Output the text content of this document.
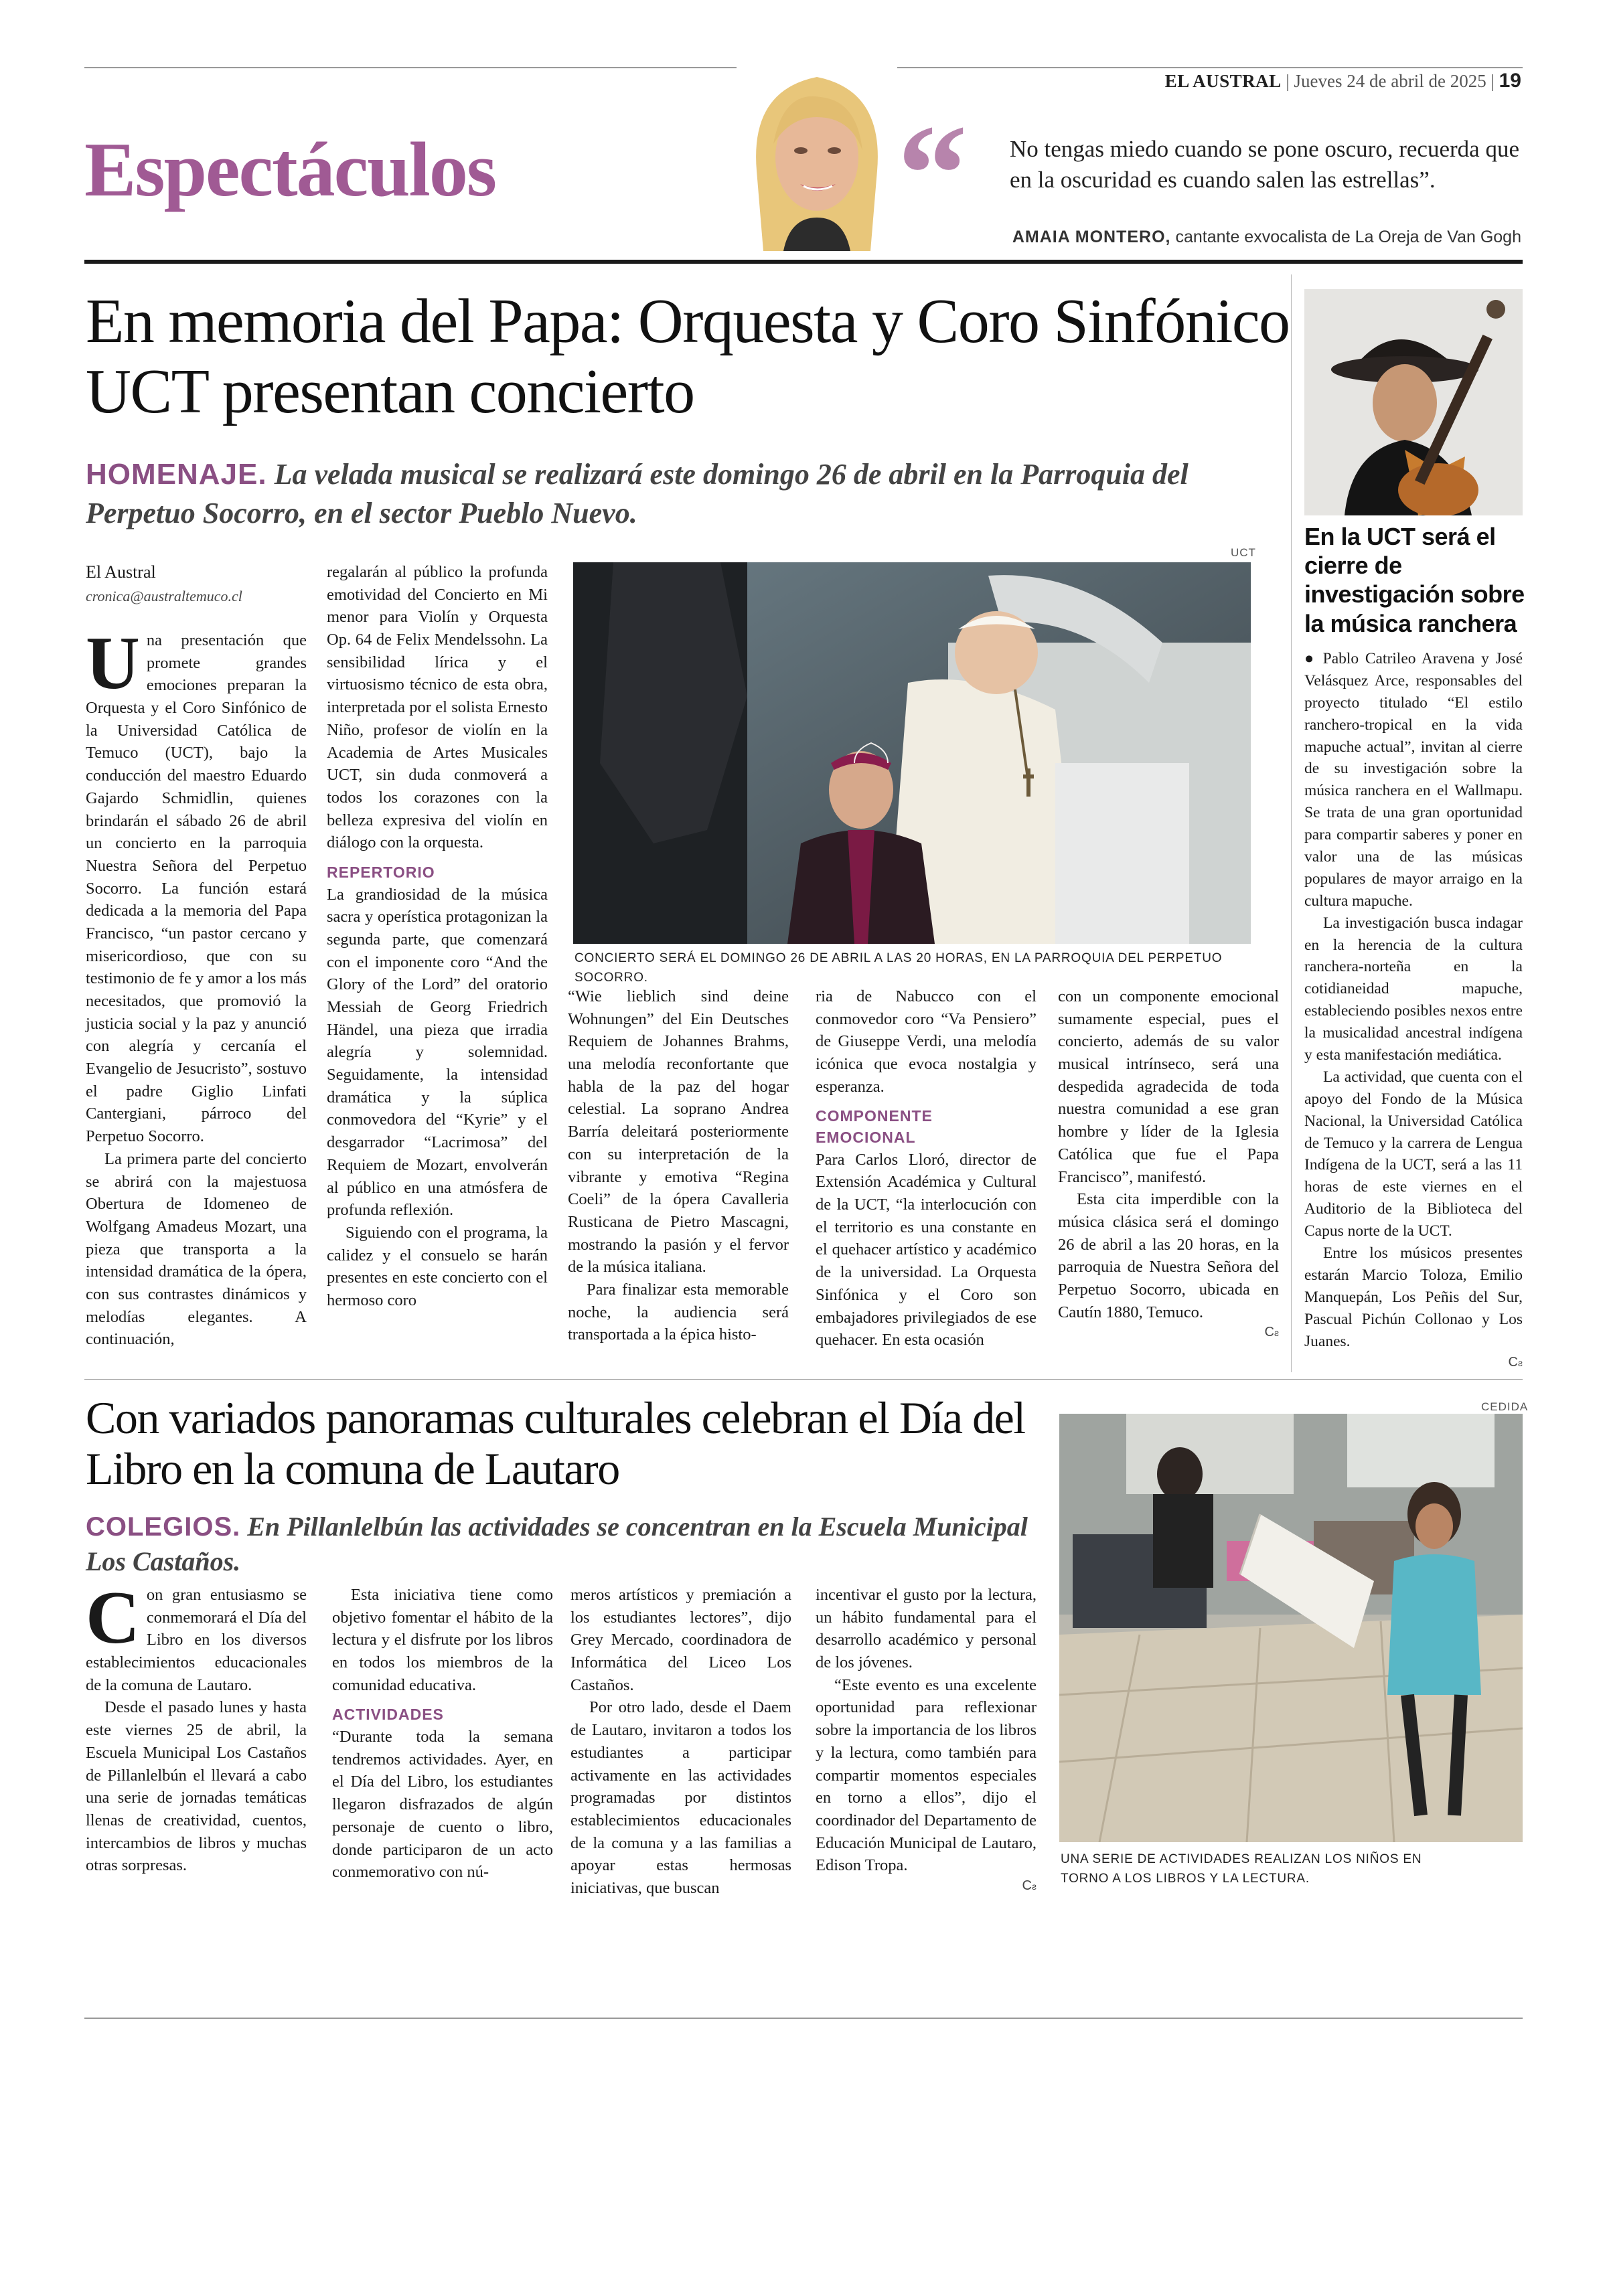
EL AUSTRAL | Jueves 24 de abril de 2025 | 19
Espectáculos	“ No tengas miedo cuando se pone oscuro, recuerda que en la oscuridad es cuando salen las estrellas”.
AMAIA MONTERO, cantante exvocalista de La Oreja de Van Gogh
En memoria del Papa: Orquesta y Coro Sinfónico UCT presentan concierto
HOMENAJE. La velada musical se realizará este domingo 26 de abril en la Parroquia del Perpetuo Socorro, en el sector Pueblo Nuevo.
El Austral
cronica@australtemuco.cl

Una presentación que promete grandes emociones preparan la Orquesta y el Coro Sinfónico de la Universidad Católica de Temuco (UCT), bajo la conducción del maestro Eduardo Gajardo Schmidlin, quienes brindarán el sábado 26 de abril un concierto en la parroquia Nuestra Señora del Perpetuo Socorro. La función estará dedicada a la memoria del Papa Francisco, “un pastor cercano y misericordioso, que con su testimonio de fe y amor a los más necesitados, que promovió la justicia social y la paz y anunció con alegría y cercanía el Evangelio de Jesucristo”, sostuvo el padre Giglio Linfati Cantergiani, párroco del Perpetuo Socorro.

La primera parte del concierto se abrirá con la majestuosa Obertura de Idomeneo de Wolfgang Amadeus Mozart, una pieza que transporta a la intensidad dramática de la ópera, con sus contrastes dinámicos y melodías elegantes. A continuación,

regalarán al público la profunda emotividad del Concierto en Mi menor para Violín y Orquesta Op. 64 de Felix Mendelssohn. La sensibilidad lírica y el virtuosismo técnico de esta obra, interpretada por el solista Ernesto Niño, profesor de violín en la Academia de Artes Musicales UCT, sin duda conmoverá a todos los corazones con la belleza expresiva del violín en diálogo con la orquesta.

REPERTORIO

La grandiosidad de la música sacra y operística protagonizan la segunda parte, que comenzará con el imponente coro “And the Glory of the Lord” del oratorio Messiah de Georg Friedrich Händel, una pieza que irradia alegría y solemnidad. Seguidamente, la intensidad dramática y la súplica conmovedora del “Kyrie” y el desgarrador “Lacrimosa” del Requiem de Mozart, envolverán al público en una atmósfera de profunda reflexión.

Siguiendo con el programa, la calidez y el consuelo se harán presentes en este concierto con el hermoso coro

UCT
CONCIERTO SERÁ EL DOMINGO 26 DE ABRIL A LAS 20 HORAS, EN LA PARROQUIA DEL PERPETUO SOCORRO.

“Wie lieblich sind deine Wohnungen” del Ein Deutsches Requiem de Johannes Brahms, una melodía reconfortante que habla de la paz del hogar celestial. La soprano Andrea Barría deleitará posteriormente con su interpretación de la vibrante y emotiva “Regina Coeli” de la ópera Cavalleria Rusticana de Pietro Mascagni, mostrando la pasión y el fervor de la música italiana.

Para finalizar esta memorable noche, la audiencia será transportada a la épica histo-

ria de Nabucco con el conmovedor coro “Va Pensiero” de Giuseppe Verdi, una melodía icónica que evoca nostalgia y esperanza.

COMPONENTE EMOCIONAL

Para Carlos Lloró, director de Extensión Académica y Cultural de la UCT, “la interlocución con el territorio es una constante en el quehacer artístico y académico de la universidad. La Orquesta Sinfónica y el Coro son embajadores privilegiados de ese quehacer. En esta ocasión

con un componente emocional sumamente especial, pues el concierto, además de su valor musical intrínseco, será una despedida agradecida de toda nuestra comunidad a ese gran hombre y líder de la Iglesia Católica que fue el Papa Francisco”, manifestó.

Esta cita imperdible con la música clásica será el domingo 26 de abril a las 20 horas, en la parroquia de Nuestra Señora del Perpetuo Socorro, ubicada en Cautín 1880, Temuco.

Cƨ
En la UCT será el cierre de investigación sobre la música ranchera

● Pablo Catrileo Aravena y José Velásquez Arce, responsables del proyecto titulado “El estilo ranchero-tropical en la vida mapuche actual”, invitan al cierre de su investigación sobre la música ranchera en el Wallmapu. Se trata de una gran oportunidad para compartir saberes y poner en valor una de las músicas populares de mayor arraigo en la cultura mapuche.

La investigación busca indagar en la herencia de la cultura ranchera-norteña en la cotidianeidad mapuche, estableciendo posibles nexos entre la musicalidad ancestral indígena y esta manifestación mediática.

La actividad, que cuenta con el apoyo del Fondo de la Música Nacional, la Universidad Católica de Temuco y la carrera de Lengua Indígena de la UCT, será a las 11 horas de este viernes en el Auditorio de la Biblioteca del Capus norte de la UCT.

Entre los músicos presentes estarán Marcio Toloza, Emilio Manquepán, Los Peñis del Sur, Pascual Pichún Collonao y Los Juanes.

Cƨ
Con variados panoramas culturales celebran el Día del Libro en la comuna de Lautaro
COLEGIOS. En Pillanlelbún las actividades se concentran en la Escuela Municipal Los Castaños.

Con gran entusiasmo se conmemorará el Día del Libro en los diversos establecimientos educacionales de la comuna de Lautaro.

Desde el pasado lunes y hasta este viernes 25 de abril, la Escuela Municipal Los Castaños de Pillanlelbún el llevará a cabo una serie de jornadas temáticas llenas de creatividad, cuentos, intercambios de libros y muchas otras sorpresas.

Esta iniciativa tiene como objetivo fomentar el hábito de la lectura y el disfrute por los libros en todos los miembros de la comunidad educativa.

ACTIVIDADES

“Durante toda la semana tendremos actividades. Ayer, en el Día del Libro, los estudiantes llegaron disfrazados de algún personaje de cuento o libro, donde participaron de un acto conmemorativo con nú-

meros artísticos y premiación a los estudiantes lectores”, dijo Grey Mercado, coordinadora de Informática del Liceo Los Castaños.

Por otro lado, desde el Daem de Lautaro, invitaron a todos los estudiantes a participar activamente en las actividades programadas por distintos establecimientos educacionales de la comuna y a las familias a apoyar estas hermosas iniciativas, que buscan

incentivar el gusto por la lectura, un hábito fundamental para el desarrollo académico y personal de los jóvenes.

“Este evento es una excelente oportunidad para reflexionar sobre la importancia de los libros y la lectura, como también para compartir momentos especiales en torno a ellos”, dijo el coordinador del Departamento de Educación Municipal de Lautaro, Edison Tropa.

Cƨ
CEDIDA
UNA SERIE DE ACTIVIDADES REALIZAN LOS NIÑOS EN TORNO A LOS LIBROS Y LA LECTURA.
